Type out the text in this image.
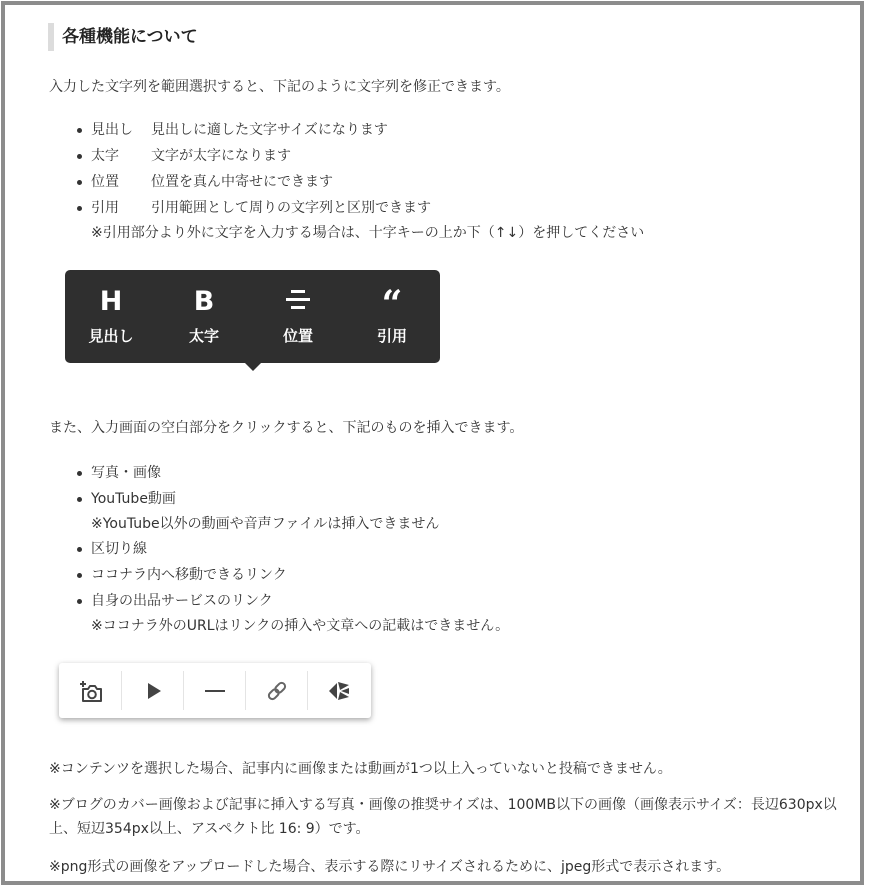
各種機能について

入力した文字列を範囲選択すると、下記のように文字列を修正できます。

見出し 見出しに適した文字サイズになります
太字 文字が太字になります
位置 位置を真ん中寄せにできます
引用 引用範囲として周りの文字列と区別できます
※引用部分より外に文字を入力する場合は、十字キーの上か下（↑↓）を押してください
H
見出し
B
太字	位置
“
引用

また、入力画面の空白部分をクリックすると、下記のものを挿入できます。

写真・画像
YouTube動画
※YouTube以外の動画や音声ファイルは挿入できません
区切り線
ココナラ内へ移動できるリンク
自身の出品サービスのリンク
※ココナラ外のURLはリンクの挿入や文章への記載はできません。

※コンテンツを選択した場合、記事内に画像または動画が1つ以上入っていないと投稿できません。

※ブログのカバー画像および記事に挿入する写真・画像の推奨サイズは、100MB以下の画像（画像表示サイズ：長辺630px以上、短辺354px以上、アスペクト比 16: 9）です。

※png形式の画像をアップロードした場合、表示する際にリサイズされるために、jpeg形式で表示されます。
